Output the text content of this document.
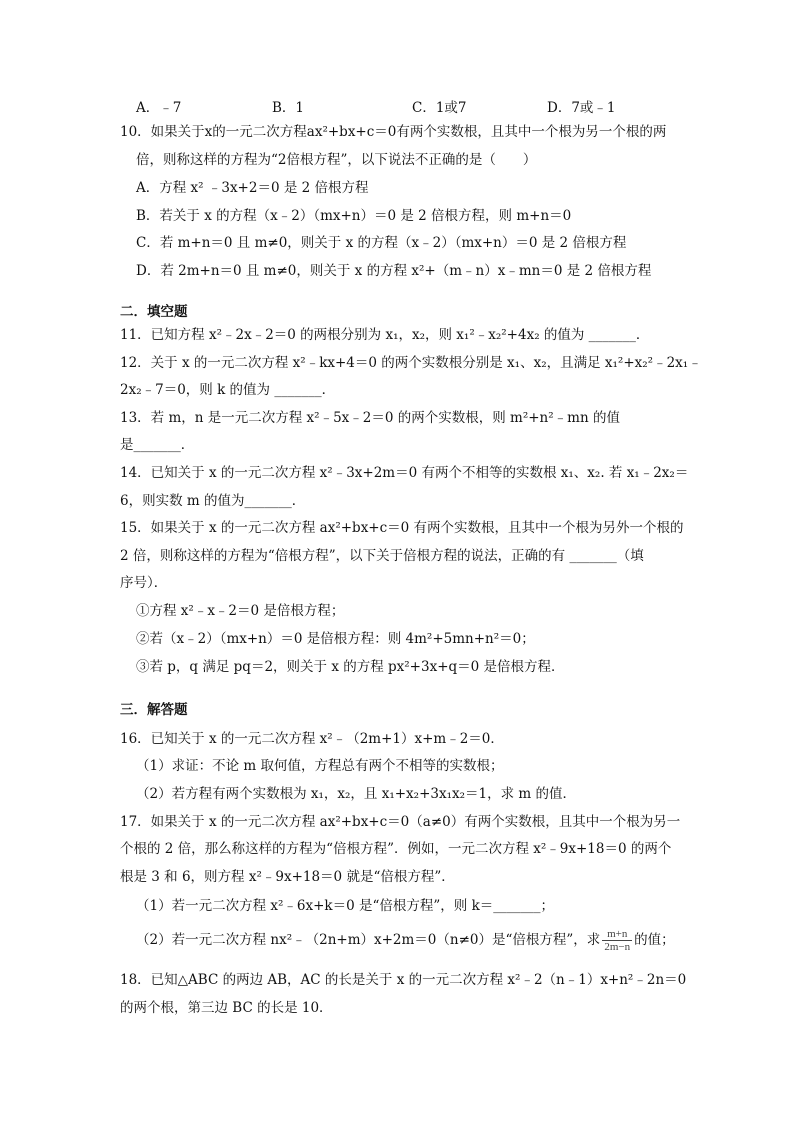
A．﹣7	B．1	C．1或7	D．7或﹣1
10．如果关于x的一元二次方程ax²+bx+c＝0有两个实数根，且其中一个根为另一个根的两
倍，则称这样的方程为“2倍根方程”，以下说法不正确的是（　　）
A．方程 x² ﹣3x+2＝0 是 2 倍根方程
B．若关于 x 的方程（x﹣2）（mx+n）＝0 是 2 倍根方程，则 m+n＝0
C．若 m+n＝0 且 m≠0，则关于 x 的方程（x﹣2）（mx+n）＝0 是 2 倍根方程
D．若 2m+n＝0 且 m≠0，则关于 x 的方程 x²+（m﹣n）x﹣mn＝0 是 2 倍根方程
二．填空题
11．已知方程 x²﹣2x﹣2＝0 的两根分别为 x₁，x₂，则 x₁²﹣x₂²+4x₂ 的值为 _______．
12．关于 x 的一元二次方程 x²﹣kx+4＝0 的两个实数根分别是 x₁、x₂，且满足 x₁²+x₂²﹣2x₁﹣
2x₂﹣7＝0，则 k 的值为 _______．
13．若 m，n 是一元二次方程 x²﹣5x﹣2＝0 的两个实数根，则 m²+n²﹣mn 的值
是_______．
14．已知关于 x 的一元二次方程 x²﹣3x+2m＝0 有两个不相等的实数根 x₁、x₂. 若 x₁﹣2x₂＝
6，则实数 m 的值为_______．
15．如果关于 x 的一元二次方程 ax²+bx+c＝0 有两个实数根，且其中一个根为另外一个根的
2 倍，则称这样的方程为“倍根方程”，以下关于倍根方程的说法，正确的有 _______（填
序号）．
①方程 x²﹣x﹣2＝0 是倍根方程；
②若（x﹣2）（mx+n）＝0 是倍根方程：则 4m²+5mn+n²＝0；
③若 p，q 满足 pq＝2，则关于 x 的方程 px²+3x+q＝0 是倍根方程．
三．解答题
16．已知关于 x 的一元二次方程 x²﹣（2m+1）x+m﹣2＝0．
（1）求证：不论 m 取何值，方程总有两个不相等的实数根；
（2）若方程有两个实数根为 x₁，x₂，且 x₁+x₂+3x₁x₂＝1，求 m 的值．
17．如果关于 x 的一元二次方程 ax²+bx+c＝0（a≠0）有两个实数根，且其中一个根为另一
个根的 2 倍，那么称这样的方程为“倍根方程”．例如，一元二次方程 x²﹣9x+18＝0 的两个
根是 3 和 6，则方程 x²﹣9x+18＝0 就是“倍根方程”．
（1）若一元二次方程 x²﹣6x+k＝0 是“倍根方程”，则 k＝_______；
（2）若一元二次方程 nx²﹣（2n+m）x+2m＝0（n≠0）是“倍根方程”，求 $\frac{m+n}{2m-n}$ 的值；
18．已知△ABC 的两边 AB，AC 的长是关于 x 的一元二次方程 x²﹣2（n﹣1）x+n²﹣2n＝0
的两个根，第三边 BC 的长是 10．
